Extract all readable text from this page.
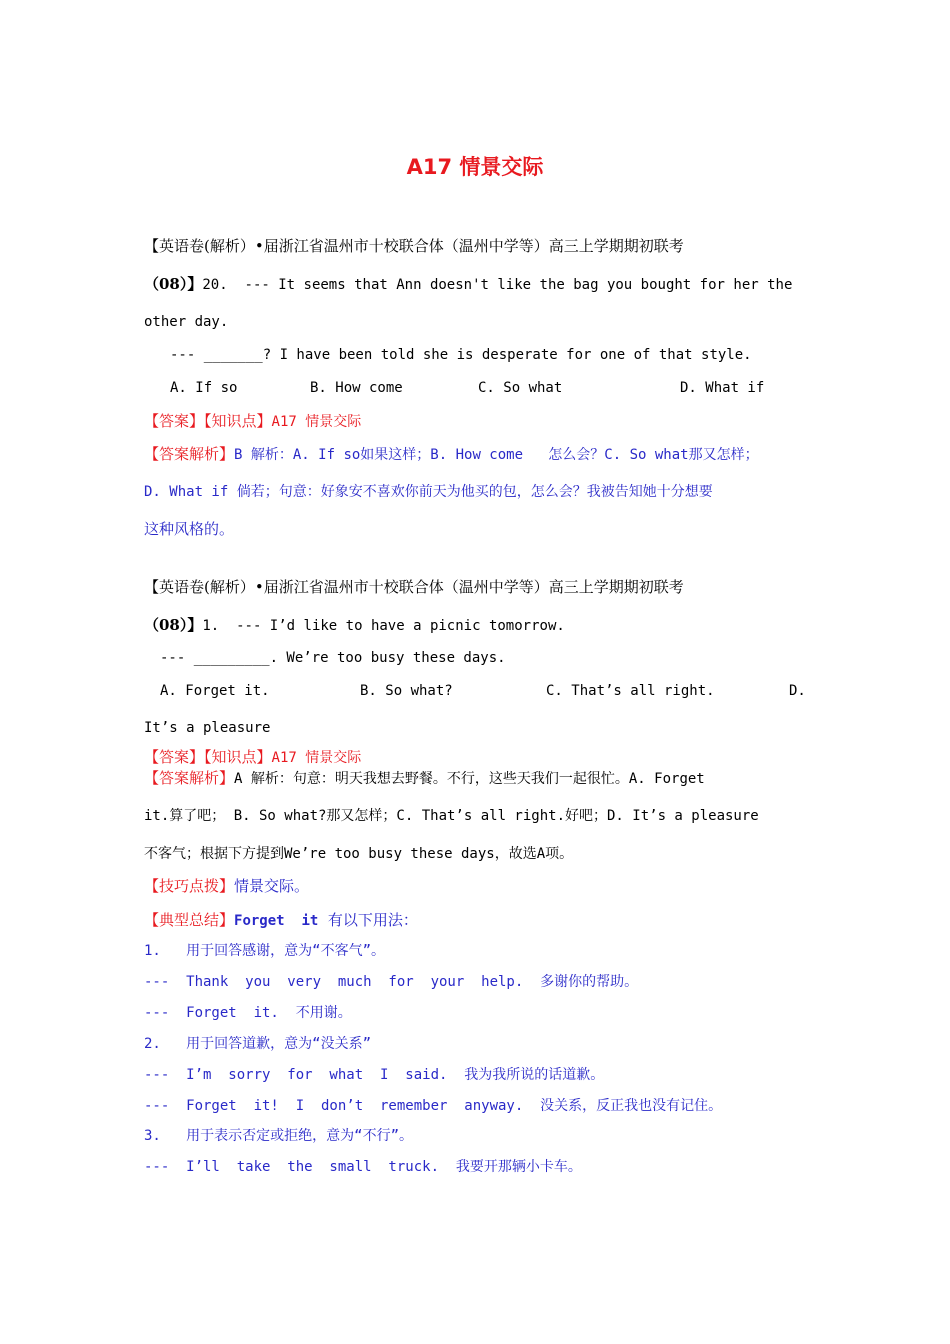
A17 情景交际
【英语卷(解析）•届浙江省温州市十校联合体（温州中学等）高三上学期期初联考
（08）】20.  --- It seems that Ann doesn't like the bag you bought for her the
other day.
--- _______? I have been told she is desperate for one of that style.
A. If so	B. How come	C. So what	D. What if
【答案】【知识点】A17 情景交际
【答案解析】B 解析：A. If so如果这样；B. How come   怎么会？C. So what那又怎样；
D. What if 倘若；句意：好象安不喜欢你前天为他买的包，怎么会？我被告知她十分想要
这种风格的。
【英语卷(解析）•届浙江省温州市十校联合体（温州中学等）高三上学期期初联考
（08）】1.  --- I’d like to have a picnic tomorrow.
--- _________. We’re too busy these days.
A. Forget it.	B. So what?	C. That’s all right.	D.
It’s a pleasure
【答案】【知识点】A17 情景交际
【答案解析】A 解析：句意：明天我想去野餐。不行，这些天我们一起很忙。A. Forget
it.算了吧； B. So what?那又怎样；C. That’s all right.好吧；D. It’s a pleasure
不客气；根据下方提到We’re too busy these days，故选A项。
【技巧点拨】情景交际。
【典型总结】Forget  it  有以下用法：
1.   用于回答感谢，意为“不客气”。
---  Thank  you  very  much  for  your  help.  多谢你的帮助。
---  Forget  it.  不用谢。
2.   用于回答道歉，意为“没关系”
---  I’m  sorry  for  what  I  said.  我为我所说的话道歉。
---  Forget  it!  I  don’t  remember  anyway.  没关系，反正我也没有记住。
3.   用于表示否定或拒绝，意为“不行”。
---  I’ll  take  the  small  truck.  我要开那辆小卡车。
